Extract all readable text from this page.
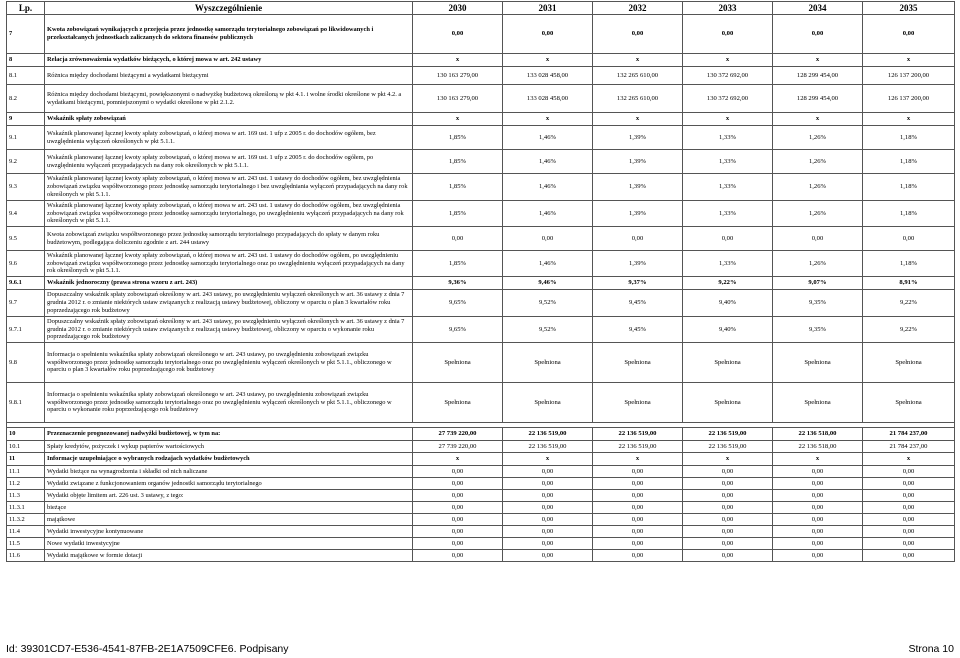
Lp.	Wyszczególnienie	2030	2031	2032	2033	2034	2035
7	Kwota zobowiązań wynikających z przejęcia przez jednostkę samorządu terytorialnego zobowiązań po likwidowanych i przekształcanych jednostkach zaliczanych do sektora finansów publicznych	0,00	0,00	0,00	0,00	0,00	0,00
8	Relacja zrównoważenia wydatków bieżących, o której mowa w art. 242 ustawy	x	x	x	x	x	x
8.1	Różnica między dochodami bieżącymi a wydatkami bieżącymi	130 163 279,00	133 028 458,00	132 265 610,00	130 372 692,00	128 299 454,00	126 137 200,00
8.2	Różnica między dochodami bieżącymi, powiększonymi o nadwyżkę budżetową określoną w pkt 4.1. i wolne środki określone w pkt 4.2. a wydatkami bieżącymi, pomniejszonymi o wydatki określone w pkt 2.1.2.	130 163 279,00	133 028 458,00	132 265 610,00	130 372 692,00	128 299 454,00	126 137 200,00
9	Wskaźnik spłaty zobowiązań	x	x	x	x	x	x
9.1	Wskaźnik planowanej łącznej kwoty spłaty zobowiązań, o której mowa w art. 169 ust. 1 ufp z 2005 r. do dochodów ogółem, bez uwzględnienia wyłączeń określonych w pkt 5.1.1.	1,85%	1,46%	1,39%	1,33%	1,26%	1,18%
9.2	Wskaźnik planowanej łącznej kwoty spłaty zobowiązań, o której mowa w art. 169 ust. 1 ufp z 2005 r. do dochodów ogółem, po uwzględnieniu wyłączeń przypadających na dany rok określonych w pkt 5.1.1.	1,85%	1,46%	1,39%	1,33%	1,26%	1,18%
9.3	Wskaźnik planowanej łącznej kwoty spłaty zobowiązań, o której mowa w art. 243 ust. 1 ustawy do dochodów ogółem, bez uwzględnienia zobowiązań związku współtworzonego przez jednostkę samorządu terytorialnego i bez uwzględniania wyłączeń przypadających na dany rok określonych w pkt 5.1.1.	1,85%	1,46%	1,39%	1,33%	1,26%	1,18%
9.4	Wskaźnik planowanej łącznej kwoty spłaty zobowiązań, o której mowa w art. 243 ust. 1 ustawy do dochodów ogółem, bez uwzględnienia zobowiązań związku współtworzonego przez jednostkę samorządu terytorialnego, po uwzględnieniu wyłączeń przypadających na dany rok określonych w pkt 5.1.1.	1,85%	1,46%	1,39%	1,33%	1,26%	1,18%
9.5	Kwota zobowiązań związku współtworzonego przez jednostkę samorządu terytorialnego przypadających do spłaty w danym roku budżetowym, podlegająca doliczeniu zgodnie z art. 244 ustawy	0,00	0,00	0,00	0,00	0,00	0,00
9.6	Wskaźnik planowanej łącznej kwoty spłaty zobowiązań, o której mowa w art. 243 ust. 1 ustawy do dochodów ogółem, po uwzględnieniu zobowiązań związku współtworzonego przez jednostkę samorządu terytorialnego oraz po uwzględnieniu wyłączeń przypadających na dany rok określonych w pkt 5.1.1.	1,85%	1,46%	1,39%	1,33%	1,26%	1,18%
9.6.1	Wskaźnik jednoroczny (prawa strona wzoru z art. 243)	9,36%	9,46%	9,37%	9,22%	9,07%	8,91%
9.7	Dopuszczalny wskaźnik spłaty zobowiązań określony w art. 243 ustawy, po uwzględnieniu wyłączeń określonych w art. 36 ustawy z dnia 7 grudnia 2012 r. o zmianie niektórych ustaw związanych z realizacją ustawy budżetowej, obliczony w oparciu o plan 3 kwartałów roku poprzedzającego rok budżetowy	9,65%	9,52%	9,45%	9,40%	9,35%	9,22%
9.7.1	Dopuszczalny wskaźnik spłaty zobowiązań określony w art. 243 ustawy, po uwzględnieniu wyłączeń określonych w art. 36 ustawy z dnia 7 grudnia 2012 r. o zmianie niektórych ustaw związanych z realizacją ustawy budżetowej, obliczony w oparciu o wykonanie roku poprzedzającego rok budżetowy	9,65%	9,52%	9,45%	9,40%	9,35%	9,22%
9.8	Informacja o spełnieniu wskaźnika spłaty zobowiązań określonego w art. 243 ustawy, po uwzględnieniu zobowiązań związku współtworzonego przez jednostkę samorządu terytorialnego oraz po uwzględnieniu wyłączeń określonych w pkt 5.1.1., obliczonego w oparciu o plan 3 kwartałów roku poprzedzającego rok budżetowy	Spełniona	Spełniona	Spełniona	Spełniona	Spełniona	Spełniona
9.8.1	Informacja o spełnieniu wskaźnika spłaty zobowiązań określonego w art. 243 ustawy, po uwzględnieniu zobowiązań związku współtworzonego przez jednostkę samorządu terytorialnego oraz po uwzględnieniu wyłączeń określonych w pkt 5.1.1., obliczonego w oparciu o wykonanie roku poprzedzającego rok budżetowy	Spełniona	Spełniona	Spełniona	Spełniona	Spełniona	Spełniona

10	Przeznaczenie prognozowanej nadwyżki budżetowej, w tym na:	27 739 220,00	22 136 519,00	22 136 519,00	22 136 519,00	22 136 518,00	21 784 237,00
10.1	Spłaty kredytów, pożyczek i wykup papierów wartościowych	27 739 220,00	22 136 519,00	22 136 519,00	22 136 519,00	22 136 518,00	21 784 237,00
11	Informacje uzupełniające o wybranych rodzajach wydatków budżetowych	x	x	x	x	x	x
11.1	Wydatki bieżące na wynagrodzenia i składki od nich naliczane	0,00	0,00	0,00	0,00	0,00	0,00
11.2	Wydatki związane z funkcjonowaniem organów jednostki samorządu terytorialnego	0,00	0,00	0,00	0,00	0,00	0,00
11.3	Wydatki objęte limitem art. 226 ust. 3 ustawy, z tego:	0,00	0,00	0,00	0,00	0,00	0,00
11.3.1	bieżące	0,00	0,00	0,00	0,00	0,00	0,00
11.3.2	majątkowe	0,00	0,00	0,00	0,00	0,00	0,00
11.4	Wydatki inwestycyjne kontynuowane	0,00	0,00	0,00	0,00	0,00	0,00
11.5	Nowe wydatki inwestycyjne	0,00	0,00	0,00	0,00	0,00	0,00
11.6	Wydatki majątkowe w formie dotacji	0,00	0,00	0,00	0,00	0,00	0,00
Id: 39301CD7-E536-4541-87FB-2E1A7509CFE6. Podpisany	Strona 10
